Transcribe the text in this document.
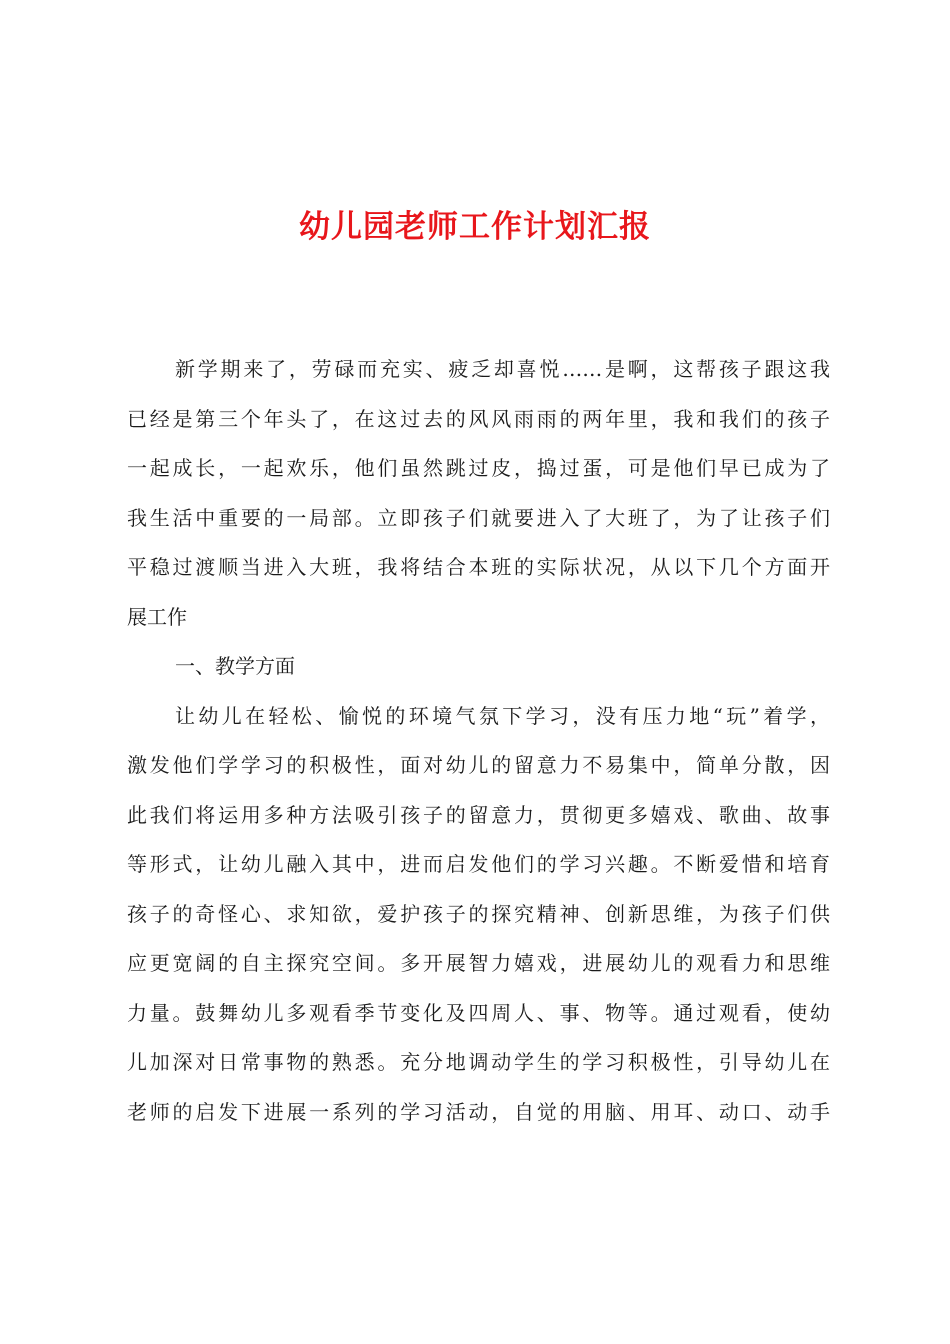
幼儿园老师工作计划汇报
新学期来了，劳碌而充实、疲乏却喜悦……是啊，这帮孩子跟这我
已经是第三个年头了，在这过去的风风雨雨的两年里，我和我们的孩子
一起成长，一起欢乐，他们虽然跳过皮，捣过蛋，可是他们早已成为了
我生活中重要的一局部。立即孩子们就要进入了大班了，为了让孩子们
平稳过渡顺当进入大班，我将结合本班的实际状况，从以下几个方面开
展工作
一、教学方面
让幼儿在轻松、愉悦的环境气氛下学习，没有压力地“玩”着学，
激发他们学学习的积极性，面对幼儿的留意力不易集中，简单分散，因
此我们将运用多种方法吸引孩子的留意力，贯彻更多嬉戏、歌曲、故事
等形式，让幼儿融入其中，进而启发他们的学习兴趣。不断爱惜和培育
孩子的奇怪心、求知欲，爱护孩子的探究精神、创新思维，为孩子们供
应更宽阔的自主探究空间。多开展智力嬉戏，进展幼儿的观看力和思维
力量。鼓舞幼儿多观看季节变化及四周人、事、物等。通过观看，使幼
儿加深对日常事物的熟悉。充分地调动学生的学习积极性，引导幼儿在
老师的启发下进展一系列的学习活动，自觉的用脑、用耳、动口、动手
